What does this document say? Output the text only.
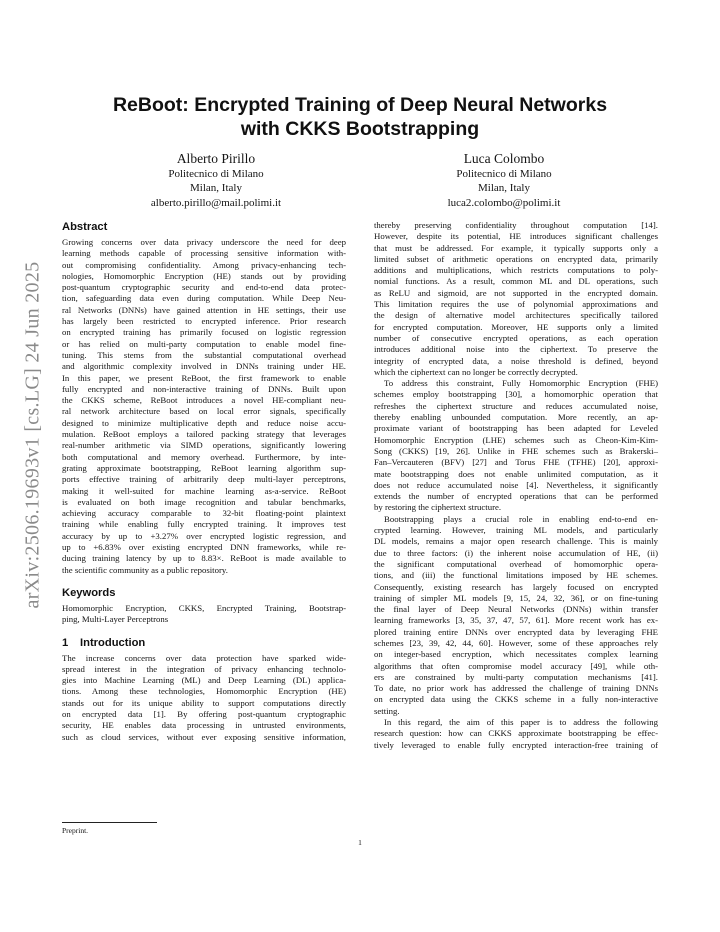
arXiv:2506.19693v1 [cs.LG] 24 Jun 2025
ReBoot: Encrypted Training of Deep Neural Networks
with CKKS Bootstrapping
Alberto Pirillo
Politecnico di Milano
Milan, Italy
alberto.pirillo@mail.polimi.it
Luca Colombo
Politecnico di Milano
Milan, Italy
luca2.colombo@polimi.it
Abstract
Growing concerns over data privacy underscore the need for deep
learning methods capable of processing sensitive information with-
out compromising confidentiality. Among privacy-enhancing tech-
nologies, Homomorphic Encryption (HE) stands out by providing
post-quantum cryptographic security and end-to-end data protec-
tion, safeguarding data even during computation. While Deep Neu-
ral Networks (DNNs) have gained attention in HE settings, their use
has largely been restricted to encrypted inference. Prior research
on encrypted training has primarily focused on logistic regression
or has relied on multi-party computation to enable model fine-
tuning. This stems from the substantial computational overhead
and algorithmic complexity involved in DNNs training under HE.
In this paper, we present ReBoot, the first framework to enable
fully encrypted and non-interactive training of DNNs. Built upon
the CKKS scheme, ReBoot introduces a novel HE-compliant neu-
ral network architecture based on local error signals, specifically
designed to minimize multiplicative depth and reduce noise accu-
mulation. ReBoot employs a tailored packing strategy that leverages
real-number arithmetic via SIMD operations, significantly lowering
both computational and memory overhead. Furthermore, by inte-
grating approximate bootstrapping, ReBoot learning algorithm sup-
ports effective training of arbitrarily deep multi-layer perceptrons,
making it well-suited for machine learning as-a-service. ReBoot
is evaluated on both image recognition and tabular benchmarks,
achieving accuracy comparable to 32-bit floating-point plaintext
training while enabling fully encrypted training. It improves test
accuracy by up to +3.27% over encrypted logistic regression, and
up to +6.83% over existing encrypted DNN frameworks, while re-
ducing training latency by up to 8.83×. ReBoot is made available to
the scientific community as a public repository.
Keywords
Homomorphic Encryption, CKKS, Encrypted Training, Bootstrap-
ping, Multi-Layer Perceptrons
1 Introduction
The increase concerns over data protection have sparked wide-
spread interest in the integration of privacy enhancing technolo-
gies into Machine Learning (ML) and Deep Learning (DL) applica-
tions. Among these technologies, Homomorphic Encryption (HE)
stands out for its unique ability to support computations directly
on encrypted data [1]. By offering post-quantum cryptographic
security, HE enables data processing in untrusted environments,
such as cloud services, without ever exposing sensitive information,
thereby preserving confidentiality throughout computation [14].
However, despite its potential, HE introduces significant challenges
that must be addressed. For example, it typically supports only a
limited subset of arithmetic operations on encrypted data, primarily
additions and multiplications, which restricts computations to poly-
nomial functions. As a result, common ML and DL operations, such
as ReLU and sigmoid, are not supported in the encrypted domain.
This limitation requires the use of polynomial approximations and
the design of alternative model architectures specifically tailored
for encrypted computation. Moreover, HE supports only a limited
number of consecutive encrypted operations, as each operation
introduces additional noise into the ciphertext. To preserve the
integrity of encrypted data, a noise threshold is defined, beyond
which the ciphertext can no longer be correctly decrypted.
To address this constraint, Fully Homomorphic Encryption (FHE)
schemes employ bootstrapping [30], a homomorphic operation that
refreshes the ciphertext structure and reduces accumulated noise,
thereby enabling unbounded computation. More recently, an ap-
proximate variant of bootstrapping has been adapted for Leveled
Homomorphic Encryption (LHE) schemes such as Cheon-Kim-Kim-
Song (CKKS) [19, 26]. Unlike in FHE schemes such as Brakerski–
Fan–Vercauteren (BFV) [27] and Torus FHE (TFHE) [20], approxi-
mate bootstrapping does not enable unlimited computation, as it
does not reduce accumulated noise [4]. Nevertheless, it significantly
extends the number of encrypted operations that can be performed
by restoring the ciphertext structure.
Bootstrapping plays a crucial role in enabling end-to-end en-
crypted learning. However, training ML models, and particularly
DL models, remains a major open research challenge. This is mainly
due to three factors: (i) the inherent noise accumulation of HE, (ii)
the significant computational overhead of homomorphic opera-
tions, and (iii) the functional limitations imposed by HE schemes.
Consequently, existing research has largely focused on encrypted
training of simpler ML models [9, 15, 24, 32, 36], or on fine-tuning
the final layer of Deep Neural Networks (DNNs) within transfer
learning frameworks [3, 35, 37, 47, 57, 61]. More recent work has ex-
plored training entire DNNs over encrypted data by leveraging FHE
schemes [23, 39, 42, 44, 60]. However, some of these approaches rely
on integer-based encryption, which necessitates complex learning
algorithms that often compromise model accuracy [49], while oth-
ers are constrained by multi-party computation mechanisms [41].
To date, no prior work has addressed the challenge of training DNNs
on encrypted data using the CKKS scheme in a fully non-interactive
setting.
In this regard, the aim of this paper is to address the following
research question: how can CKKS approximate bootstrapping be effec-
tively leveraged to enable fully encrypted interaction-free training of
Preprint.
1
